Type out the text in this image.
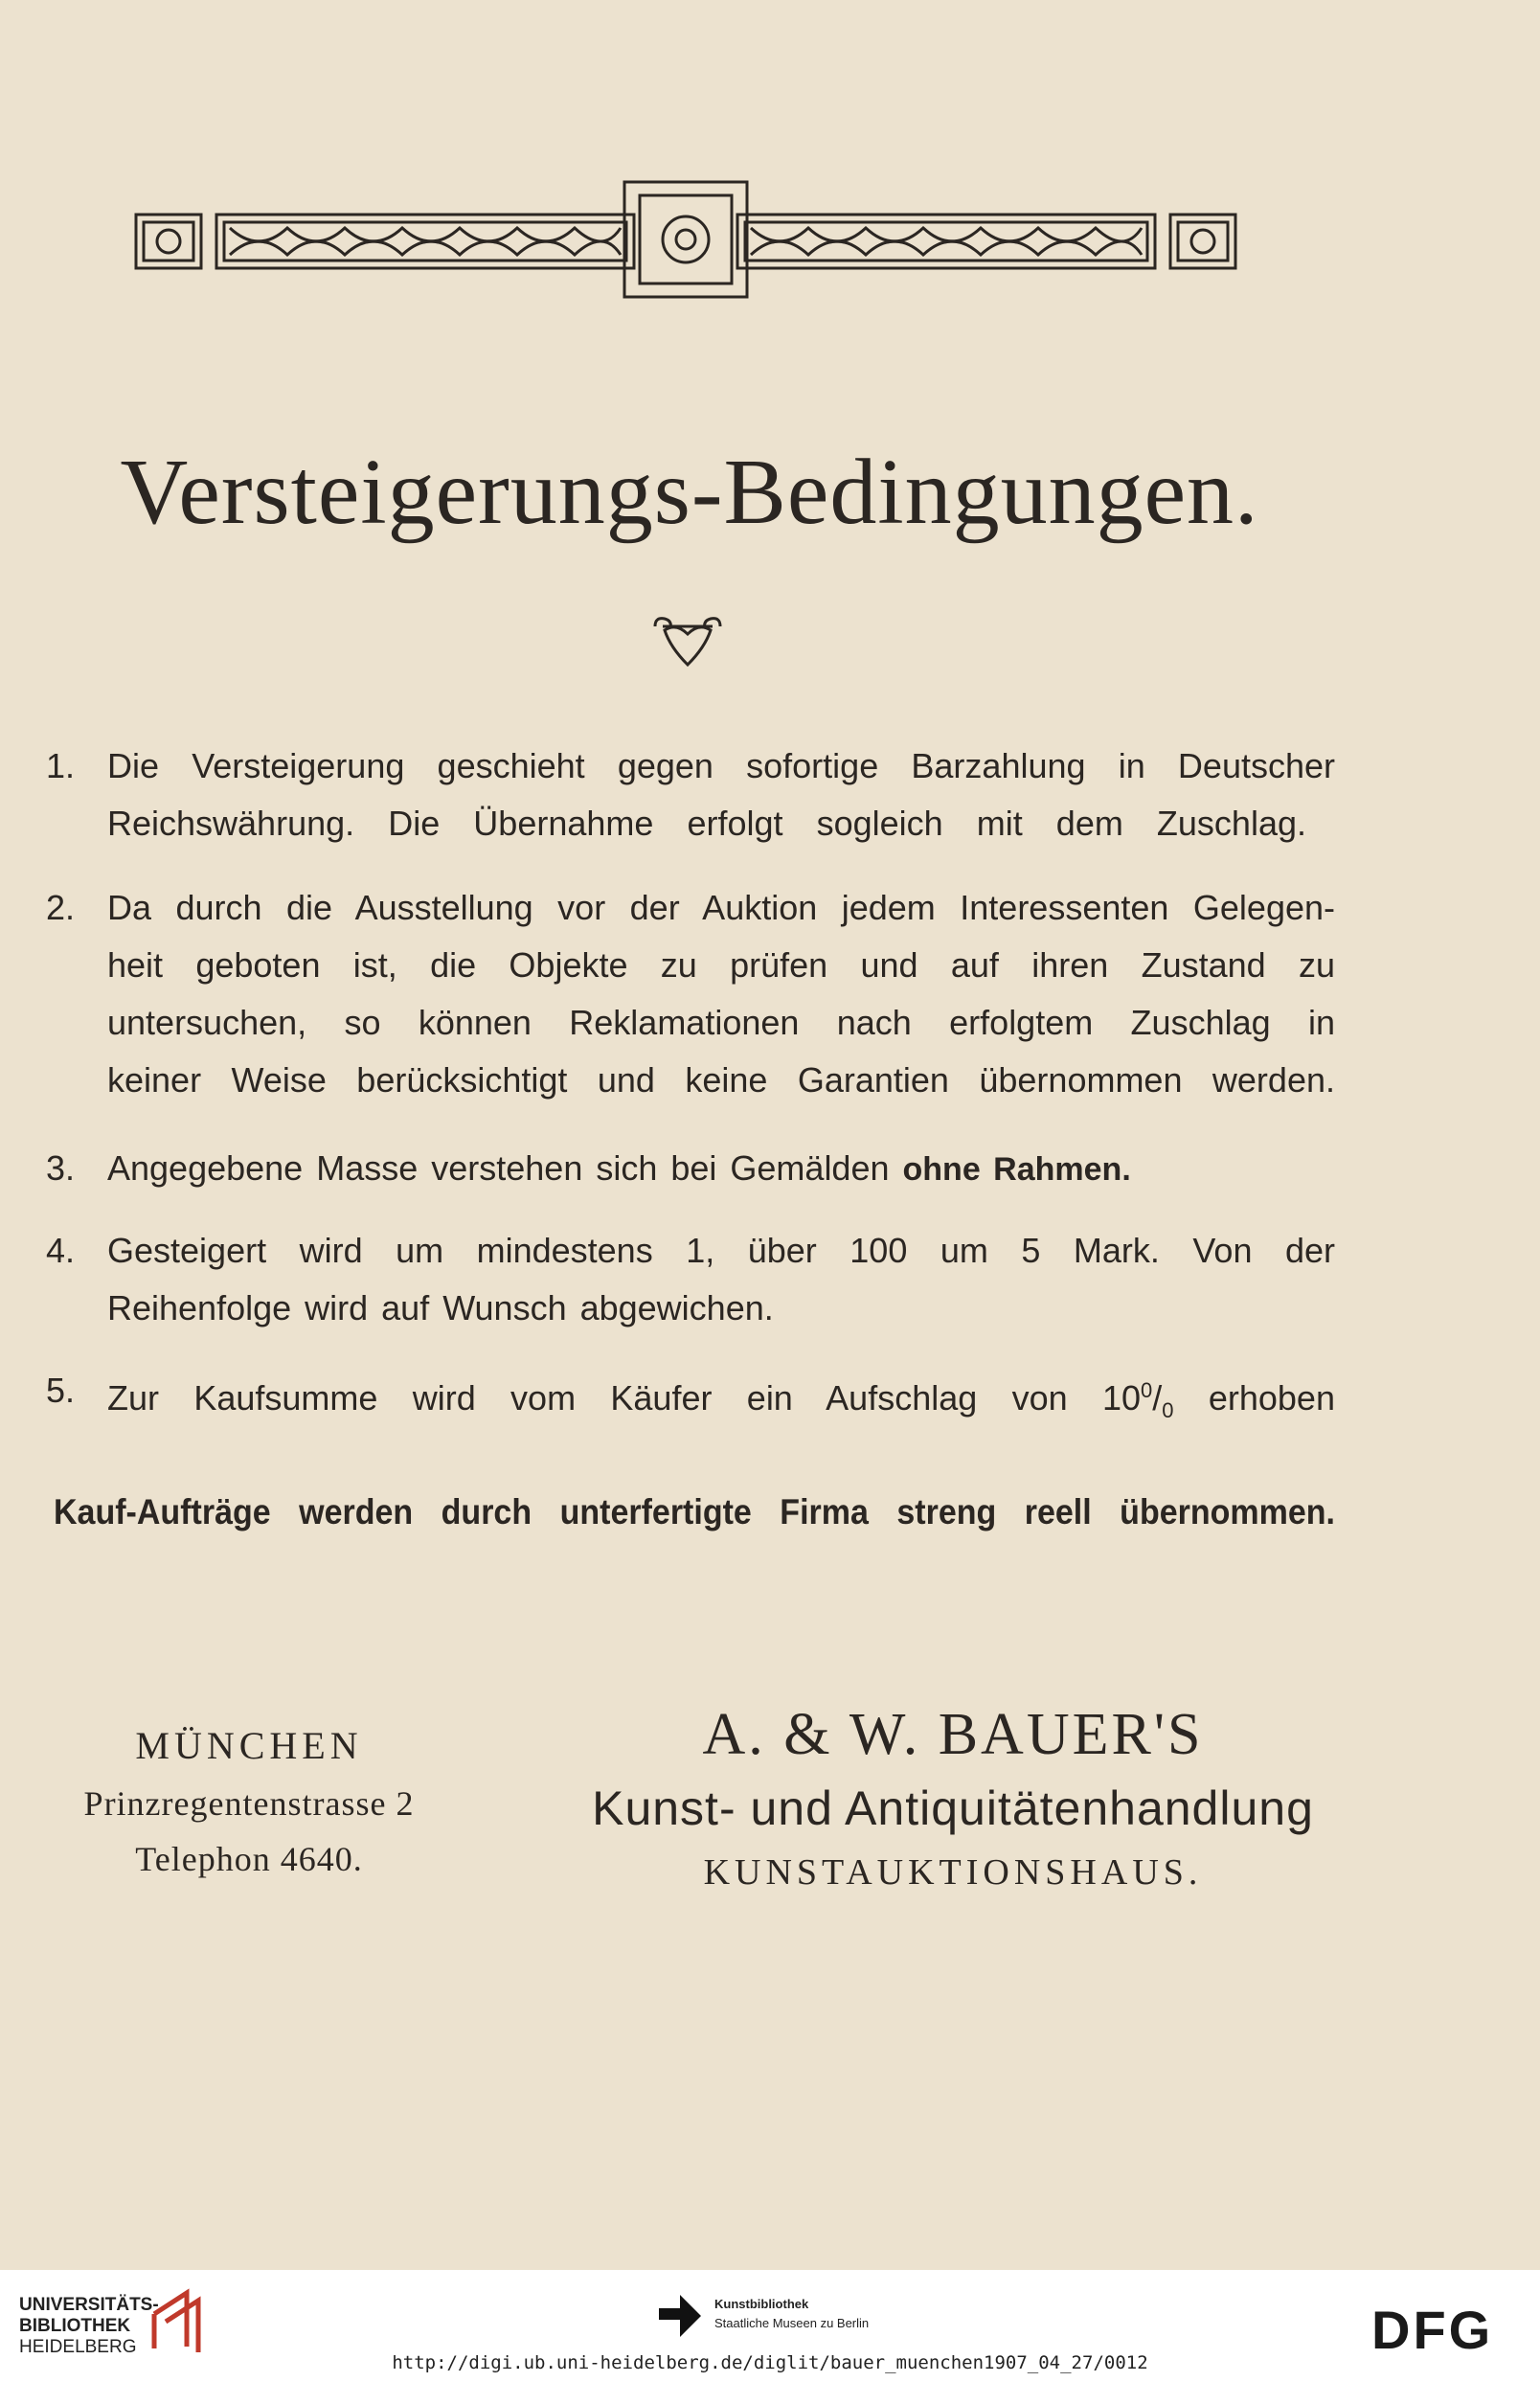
Versteigerungs-Bedingungen.
1. Die Versteigerung geschieht gegen sofortige Barzahlung in Deutscher
Reichswährung. Die Übernahme erfolgt sogleich mit dem Zuschlag.
2. Da durch die Ausstellung vor der Auktion jedem Interessenten Gelegen-
heit geboten ist, die Objekte zu prüfen und auf ihren Zustand zu
untersuchen, so können Reklamationen nach erfolgtem Zuschlag in
keiner Weise berücksichtigt und keine Garantien übernommen werden.
3. Angegebene Masse verstehen sich bei Gemälden ohne Rahmen.
4. Gesteigert wird um mindestens 1, über 100 um 5 Mark. Von der
Reihenfolge wird auf Wunsch abgewichen.
5. Zur Kaufsumme wird vom Käufer ein Aufschlag von $10^0/_0$ erhoben
Kauf-Aufträge werden durch unterfertigte Firma streng reell übernommen.
MÜNCHEN
Prinzregentenstrasse 2
Telephon 4640.
A. & W. BAUER'S
Kunst- und Antiquitätenhandlung
KUNSTAUKTIONSHAUS.
UNIVERSITÄTS-
BIBLIOTHEK
HEIDELBERG
Kunstbibliothek
Staatliche Museen zu Berlin	DFG
http://digi.ub.uni-heidelberg.de/diglit/bauer_muenchen1907_04_27/0012
